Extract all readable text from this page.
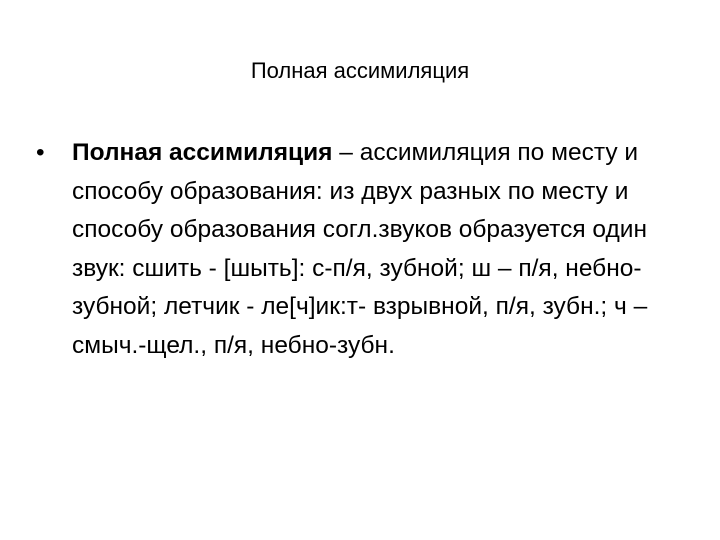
Полная ассимиляция
•	Полная ассимиляция – ассимиляция по месту и способу образования: из двух разных по месту и способу образования согл.звуков образуется один звук: сшить - [шыть]: с-п/я, зубной; ш – п/я, небно-зубной; летчик - ле[ч]ик:т- взрывной, п/я, зубн.; ч – смыч.-щел., п/я, небно-зубн.
